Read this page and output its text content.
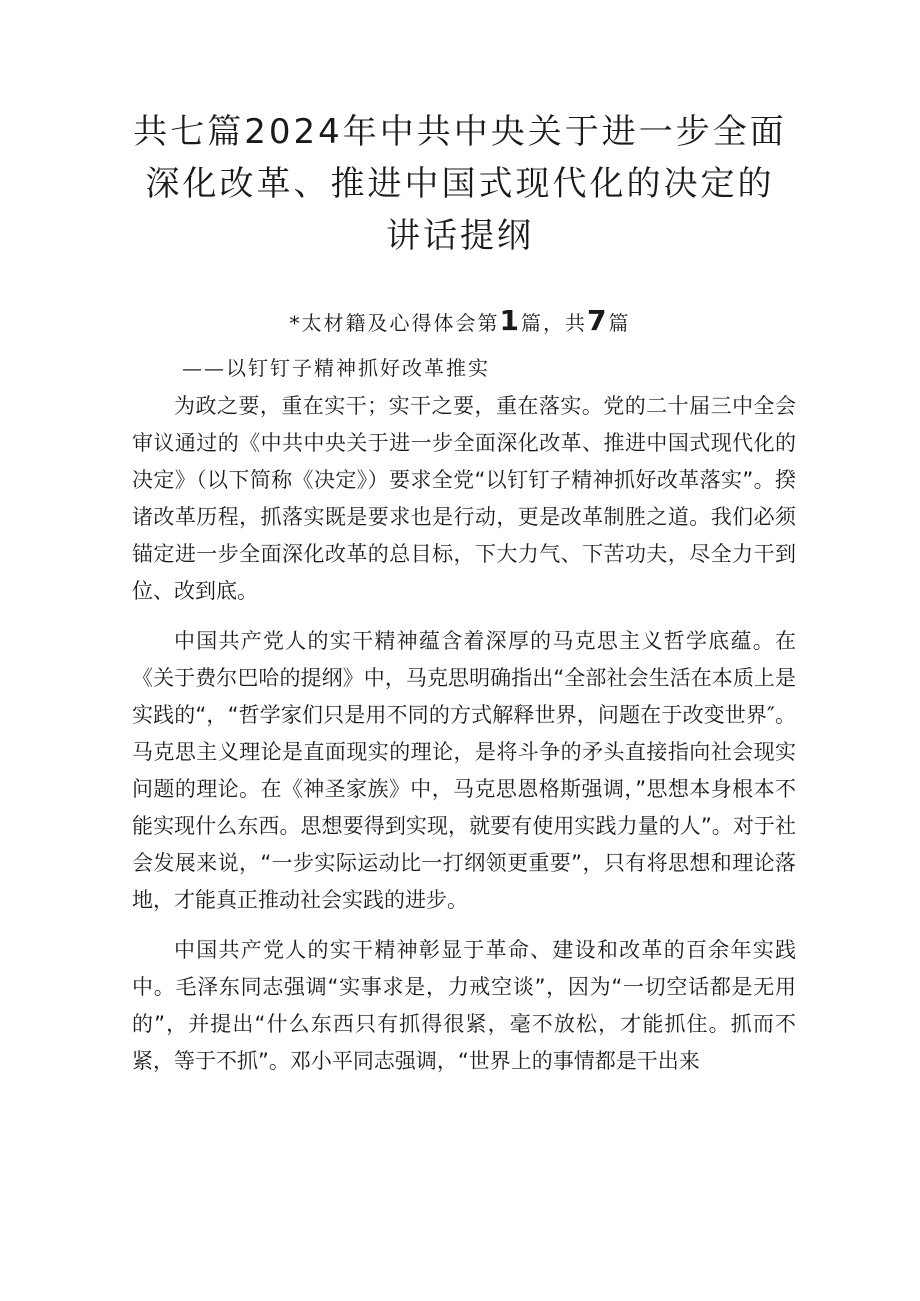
共七篇2024年中共中央关于进一步全面深化改革、推进中国式现代化的决定的讲话提纲
*太材籍及心得体会第1篇，共7篇
——以钉钉子精神抓好改革推实

为政之要，重在实干；实干之要，重在落实。党的二十届三中全会审议通过的《中共中央关于进一步全面深化改革、推进中国式现代化的决定》（以下简称《决定》）要求全党“以钉钉子精神抓好改革落实”。揆诸改革历程，抓落实既是要求也是行动，更是改革制胜之道。我们必须锚定进一步全面深化改革的总目标，下大力气、下苦功夫，尽全力干到位、改到底。

中国共产党人的实干精神蕴含着深厚的马克思主义哲学底蕴。在《关于费尔巴哈的提纲》中，马克思明确指出“全部社会生活在本质上是实践的“，“哲学家们只是用不同的方式解释世界，问题在于改变世界″。马克思主义理论是直面现实的理论，是将斗争的矛头直接指向社会现实问题的理论。在《神圣家族》中，马克思恩格斯强调，”思想本身根本不能实现什么东西。思想要得到实现，就要有使用实践力量的人”。对于社会发展来说，“一步实际运动比一打纲领更重要”，只有将思想和理论落地，才能真正推动社会实践的进步。

中国共产党人的实干精神彰显于革命、建设和改革的百余年实践中。毛泽东同志强调“实事求是，力戒空谈”，因为“一切空话都是无用的”，并提出“什么东西只有抓得很紧，毫不放松，才能抓住。抓而不紧，等于不抓”。邓小平同志强调，“世界上的事情都是干出来
